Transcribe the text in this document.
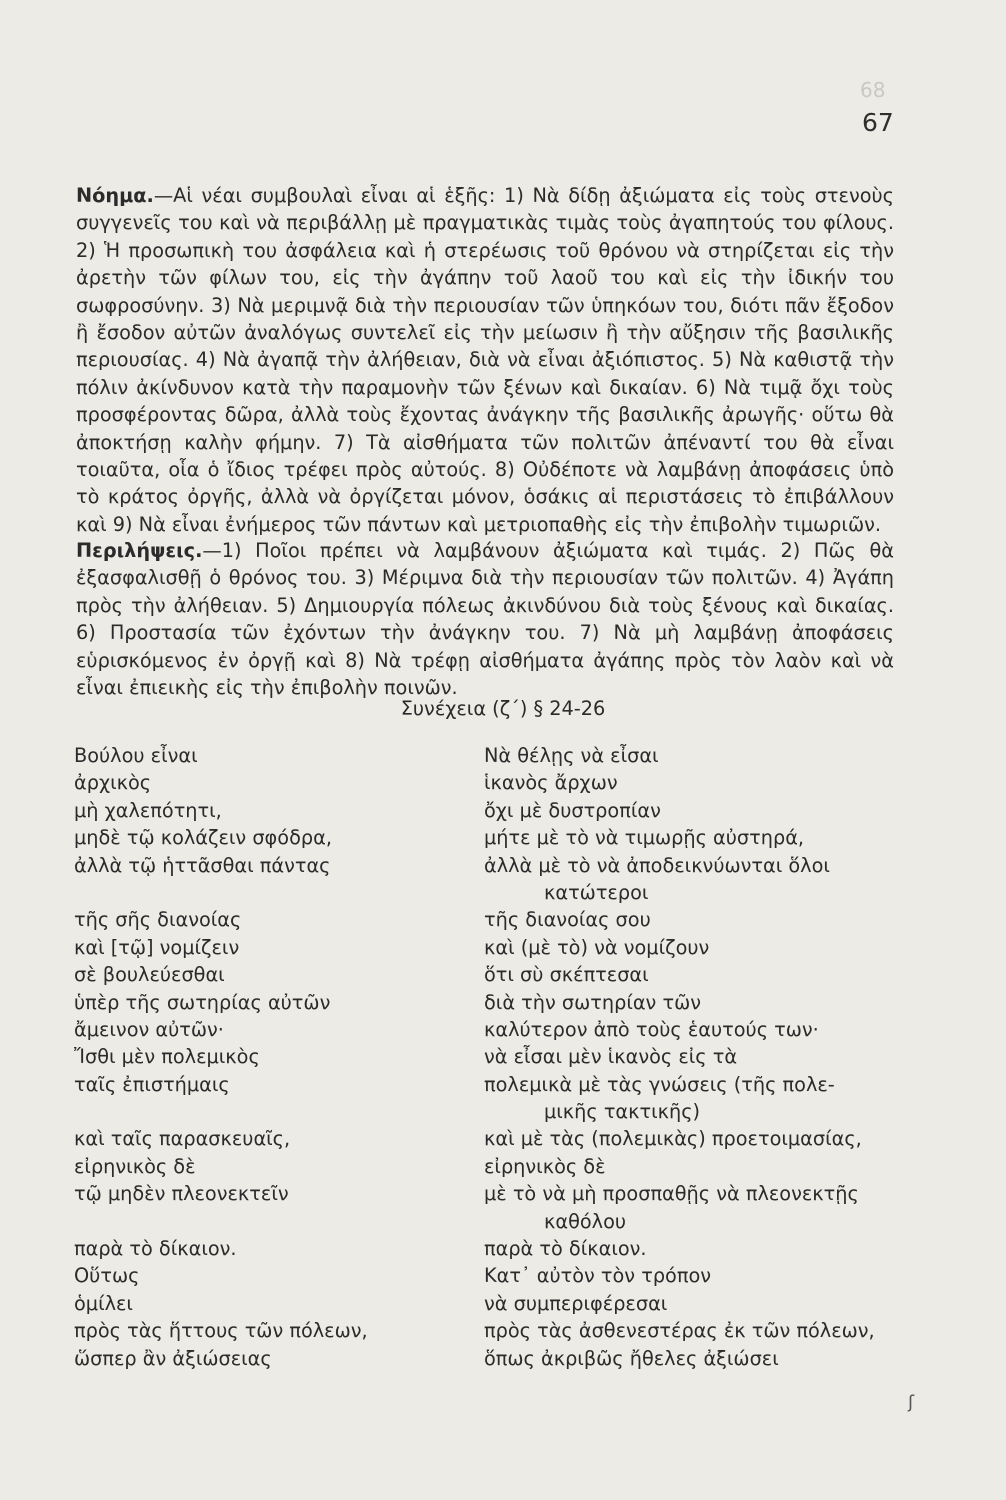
68
67

Νόημα.—Αἱ νέαι συμβουλαὶ εἶναι αἱ ἑξῆς: 1) Νὰ δίδῃ ἀξιώματα εἰς τοὺς στενοὺς συγγενεῖς του καὶ νὰ περιβάλλῃ μὲ πραγματικὰς τιμὰς τοὺς ἀγαπητούς του φίλους. 2) Ἡ προσωπικὴ του ἀσφάλεια καὶ ἡ στερέωσις τοῦ θρόνου νὰ στηρίζεται εἰς τὴν ἀρετὴν τῶν φίλων του, εἰς τὴν ἀγάπην τοῦ λαοῦ του καὶ εἰς τὴν ἰδικήν του σωφροσύνην. 3) Νὰ μεριμνᾷ διὰ τὴν περιουσίαν τῶν ὑπηκόων του, διότι πᾶν ἔξοδον ἢ ἔσοδον αὐτῶν ἀναλόγως συντελεῖ εἰς τὴν μείωσιν ἢ τὴν αὔξησιν τῆς βασιλικῆς περιουσίας. 4) Νὰ ἀγαπᾷ τὴν ἀλήθειαν, διὰ νὰ εἶναι ἀξιόπιστος. 5) Νὰ καθιστᾷ τὴν πόλιν ἀκίνδυνον κατὰ τὴν παραμονὴν τῶν ξένων καὶ δικαίαν. 6) Νὰ τιμᾷ ὄχι τοὺς προσφέροντας δῶρα, ἀλλὰ τοὺς ἔχοντας ἀνάγκην τῆς βασιλικῆς ἀρωγῆς· οὕτω θὰ ἀποκτήσῃ καλὴν φήμην. 7) Τὰ αἰσθήματα τῶν πολιτῶν ἀπέναντί του θὰ εἶναι τοιαῦτα, οἷα ὁ ἴδιος τρέφει πρὸς αὐτούς. 8) Οὐδέποτε νὰ λαμβάνῃ ἀποφάσεις ὑπὸ τὸ κράτος ὀργῆς, ἀλλὰ νὰ ὀργίζεται μόνον, ὁσάκις αἱ περιστάσεις τὸ ἐπιβάλλουν καὶ 9) Νὰ εἶναι ἐνήμερος τῶν πάντων καὶ μετριοπαθὴς εἰς τὴν ἐπιβολὴν τιμωριῶν.

Περιλήψεις.—1) Ποῖοι πρέπει νὰ λαμβάνουν ἀξιώματα καὶ τιμάς. 2) Πῶς θὰ ἐξασφαλισθῇ ὁ θρόνος του. 3) Μέριμνα διὰ τὴν περιουσίαν τῶν πολιτῶν. 4) Ἀγάπη πρὸς τὴν ἀλήθειαν. 5) Δημιουργία πόλεως ἀκινδύνου διὰ τοὺς ξένους καὶ δικαίας. 6) Προστασία τῶν ἐχόντων τὴν ἀνάγκην του. 7) Νὰ μὴ λαμβάνῃ ἀποφάσεις εὑρισκόμενος ἐν ὀργῇ καὶ 8) Νὰ τρέφῃ αἰσθήματα ἀγάπης πρὸς τὸν λαὸν καὶ νὰ εἶναι ἐπιεικὴς εἰς τὴν ἐπιβολὴν ποινῶν.

Συνέχεια (ζ΄) § 24-26

Βούλου εἶναι
ἀρχικὸς
μὴ χαλεπότητι,
μηδὲ τῷ κολάζειν σφόδρα,
ἀλλὰ τῷ ἡττᾶσθαι πάντας
τῆς σῆς διανοίας
καὶ [τῷ] νομίζειν
σὲ βουλεύεσθαι
ὑπὲρ τῆς σωτηρίας αὐτῶν
ἄμεινον αὐτῶν·
Ἴσθι μὲν πολεμικὸς
ταῖς ἐπιστήμαις
καὶ ταῖς παρασκευαῖς,
εἰρηνικὸς δὲ
τῷ μηδὲν πλεονεκτεῖν
παρὰ τὸ δίκαιον.
Οὕτως
ὁμίλει
πρὸς τὰς ἥττους τῶν πόλεων,
ὥσπερ ἂν ἀξιώσειας
Νὰ θέλῃς νὰ εἶσαι
ἱκανὸς ἄρχων
ὄχι μὲ δυστροπίαν
μήτε μὲ τὸ νὰ τιμωρῇς αὐστηρά,
ἀλλὰ μὲ τὸ νὰ ἀποδεικνύωνται ὅλοι
κατώτεροι
τῆς διανοίας σου
καὶ (μὲ τὸ) νὰ νομίζουν
ὅτι σὺ σκέπτεσαι
διὰ τὴν σωτηρίαν τῶν
καλύτερον ἀπὸ τοὺς ἑαυτούς των·
νὰ εἶσαι μὲν ἱκανὸς εἰς τὰ
πολεμικὰ μὲ τὰς γνώσεις (τῆς πολε-
μικῆς τακτικῆς)
καὶ μὲ τὰς (πολεμικὰς) προετοιμασίας,
εἰρηνικὸς δὲ
μὲ τὸ νὰ μὴ προσπαθῇς νὰ πλεονεκτῇς
καθόλου
παρὰ τὸ δίκαιον.
Κατ᾽ αὐτὸν τὸν τρόπον
νὰ συμπεριφέρεσαι
πρὸς τὰς ἀσθενεστέρας ἐκ τῶν πόλεων,
ὅπως ἀκριβῶς ἤθελες ἀξιώσει
ʃ
